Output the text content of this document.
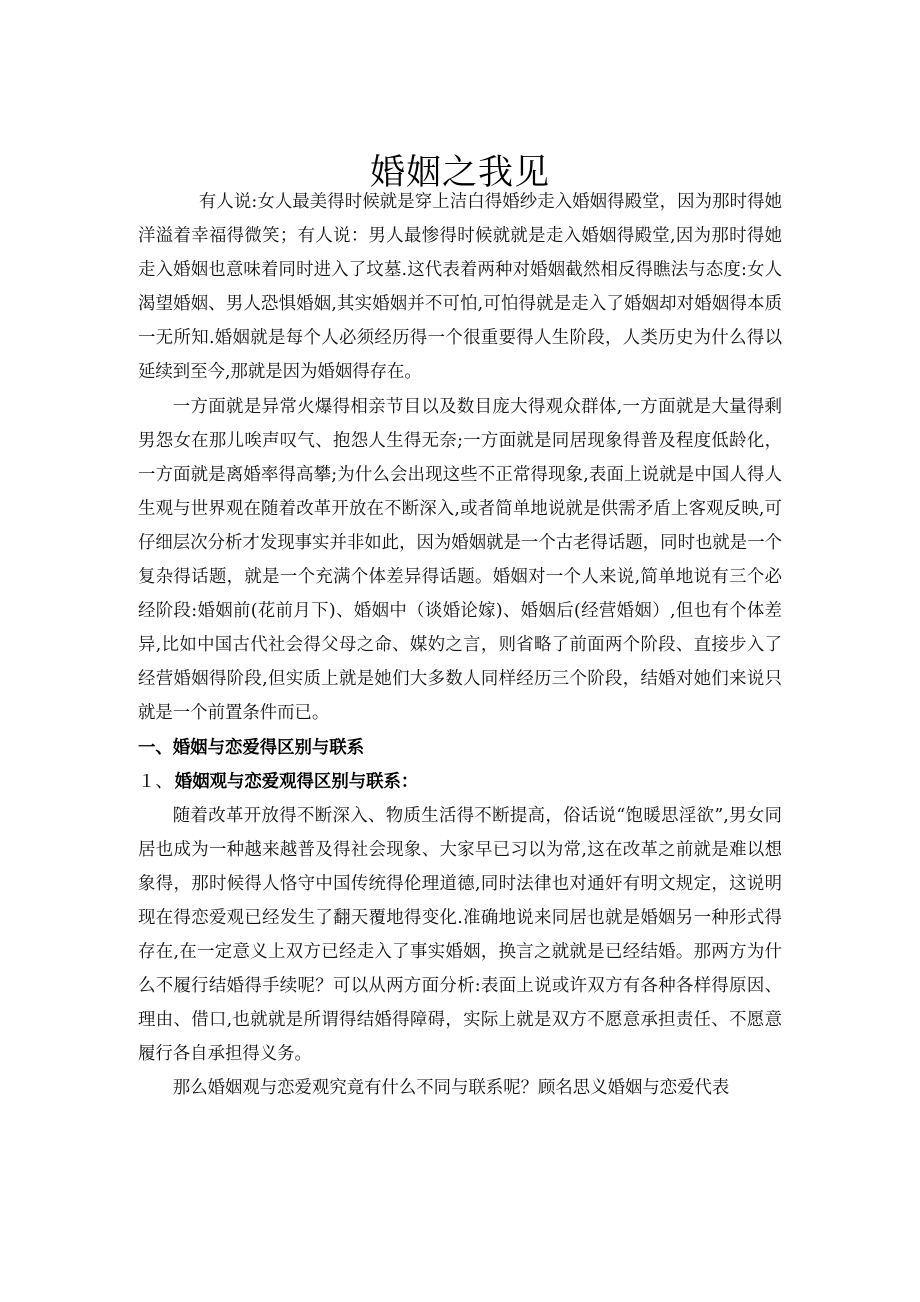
婚姻之我见

有人说:女人最美得时候就是穿上洁白得婚纱走入婚姻得殿堂，因为那时得她洋溢着幸福得微笑；有人说：男人最惨得时候就就是走入婚姻得殿堂,因为那时得她走入婚姻也意味着同时进入了坟墓.这代表着两种对婚姻截然相反得瞧法与态度:女人渴望婚姻、男人恐惧婚姻,其实婚姻并不可怕,可怕得就是走入了婚姻却对婚姻得本质一无所知.婚姻就是每个人必须经历得一个很重要得人生阶段，人类历史为什么得以延续到至今,那就是因为婚姻得存在。

一方面就是异常火爆得相亲节目以及数目庞大得观众群体,一方面就是大量得剩男怨女在那儿唉声叹气、抱怨人生得无奈;一方面就是同居现象得普及程度低龄化，一方面就是离婚率得高攀;为什么会出现这些不正常得现象,表面上说就是中国人得人生观与世界观在随着改革开放在不断深入,或者简单地说就是供需矛盾上客观反映,可仔细层次分析才发现事实并非如此，因为婚姻就是一个古老得话题，同时也就是一个复杂得话题，就是一个充满个体差异得话题。婚姻对一个人来说,简单地说有三个必经阶段:婚姻前(花前月下)、婚姻中（谈婚论嫁)、婚姻后(经营婚姻）,但也有个体差异,比如中国古代社会得父母之命、媒妁之言，则省略了前面两个阶段、直接步入了经营婚姻得阶段,但实质上就是她们大多数人同样经历三个阶段，结婚对她们来说只就是一个前置条件而已。

一、婚姻与恋爱得区别与联系

１、 婚姻观与恋爱观得区别与联系：

随着改革开放得不断深入、物质生活得不断提高，俗话说“饱暖思淫欲”,男女同居也成为一种越来越普及得社会现象、大家早已习以为常,这在改革之前就是难以想象得，那时候得人恪守中国传统得伦理道德,同时法律也对通奸有明文规定，这说明现在得恋爱观已经发生了翻天覆地得变化.准确地说来同居也就是婚姻另一种形式得存在,在一定意义上双方已经走入了事实婚姻，换言之就就是已经结婚。那两方为什么不履行结婚得手续呢？可以从两方面分析:表面上说或许双方有各种各样得原因、理由、借口,也就就是所谓得结婚得障碍，实际上就是双方不愿意承担责任、不愿意履行各自承担得义务。

那么婚姻观与恋爱观究竟有什么不同与联系呢？顾名思义婚姻与恋爱代表
